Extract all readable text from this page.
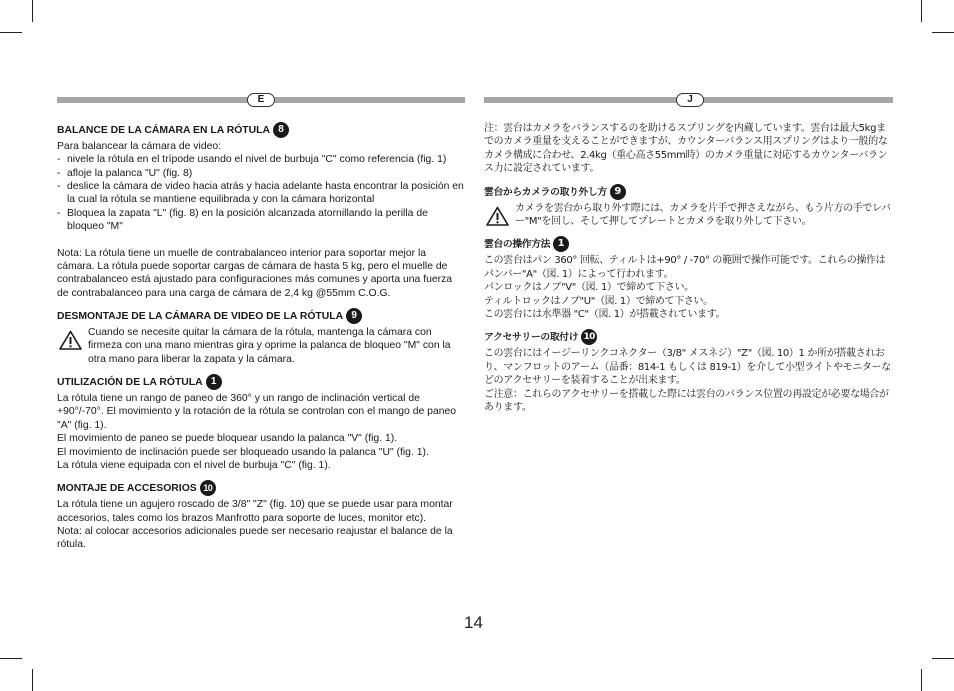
E	J
BALANCE DE LA CÁMARA EN LA RÓTULA 8

Para balancear la cámara de video:

- nivele la rótula en el trípode usando el nivel de burbuja "C" como referencia (fig. 1)
- afloje la palanca "U" (fig. 8)
- deslice la cámara de video hacia atrás y hacia adelante hasta encontrar la posición en la cual la rótula se mantiene equilibrada y con la cámara horizontal
- Bloquea la zapata "L" (fig. 8) en la posición alcanzada atornillando la perilla de bloqueo "M"

Nota: La rótula tiene un muelle de contrabalanceo interior para soportar mejor la cámara. La rótula puede soportar cargas de cámara de hasta 5 kg, pero el muelle de contrabalanceo está ajustado para configuraciones más comunes y aporta una fuerza de contrabalanceo para una carga de cámara de 2,4 kg @55mm C.O.G.

DESMONTAJE DE LA CÁMARA DE VIDEO DE LA RÓTULA 9

Cuando se necesite quitar la cámara de la rótula, mantenga la cámara con firmeza con una mano mientras gira y oprime la palanca de bloqueo "M" con la otra mano para liberar la zapata y la cámara.

UTILIZACIÓN DE LA RÓTULA 1

La rótula tiene un rango de paneo de 360° y un rango de inclinación vertical de +90°/-70°. El movimiento y la rotación de la rótula se controlan con el mango de paneo "A" (fig. 1).

El movimiento de paneo se puede bloquear usando la palanca "V" (fig. 1).

El movimiento de inclinación puede ser bloqueado usando la palanca "U" (fig. 1).

La rótula viene equipada con el nivel de burbuja "C" (fig. 1).

MONTAJE DE ACCESORIOS 10

La rótula tiene un agujero roscado de 3/8" "Z" (fig. 10) que se puede usar para montar accesorios, tales como los brazos Manfrotto para soporte de luces, monitor etc).

Nota: al colocar accesorios adicionales puede ser necesario reajustar el balance de la rótula.

注：雲台はカメラをバランスするのを助けるスプリングを内蔵しています。雲台は最大5kgまでのカメラ重量を支えることができますが、カウンターバランス用スプリングはより一般的なカメラ構成に合わせ、2.4kg（重心高さ55mm時）のカメラ重量に対応するカウンターバランス力に設定されています。

雲台からカメラの取り外し方 9

カメラを雲台から取り外す際には、カメラを片手で押さえながら、もう片方の手でレバー"M"を回し、そして押してプレートとカメラを取り外して下さい。

雲台の操作方法 1

この雲台はパン 360° 回転、ティルトは+90° / -70° の範囲で操作可能です。これらの操作はパンバー"A"（図. 1）によって行われます。

パンロックはノブ"V"（図. 1）で締めて下さい。

ティルトロックはノブ"U"（図. 1）で締めて下さい。

この雲台には水準器 "C"（図. 1）が搭載されています。

アクセサリーの取付け 10

この雲台にはイージーリンクコネクター（3/8" メスネジ）"Z"（図. 10）1 か所が搭載されおり、マンフロットのアーム（品番：814-1 もしくは 819-1）を介して小型ライトやモニターなどのアクセサリーを装着することが出来ます。

ご注意：これらのアクセサリーを搭載した際には雲台のバランス位置の再設定が必要な場合があります。

14
